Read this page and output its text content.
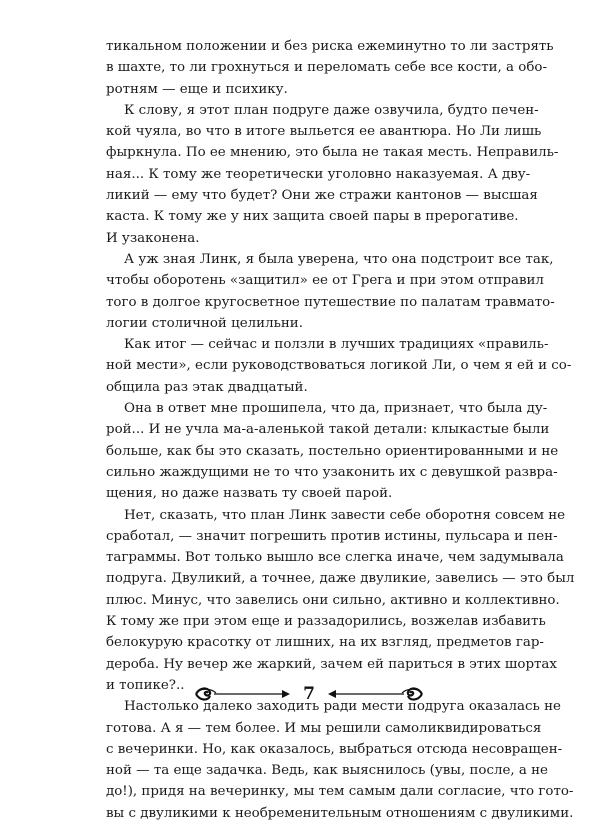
тикальном положении и без риска ежеминутно то ли застрять
в шахте, то ли грохнуться и переломать себе все кости, а обо-
ротням — еще и психику.
К слову, я этот план подруге даже озвучила, будто печен-
кой чуяла, во что в итоге выльется ее авантюра. Но Ли лишь
фыркнула. По ее мнению, это была не такая месть. Неправиль-
ная... К тому же теоретически уголовно наказуемая. А дву-
ликий — ему что будет? Они же стражи кантонов — высшая
каста. К тому же у них защита своей пары в прерогативе.
И узаконена.
А уж зная Линк, я была уверена, что она подстроит все так,
чтобы оборотень «защитил» ее от Грега и при этом отправил
того в долгое кругосветное путешествие по палатам травмато-
логии столичной целильни.
Как итог — сейчас и ползли в лучших традициях «правиль-
ной мести», если руководствоваться логикой Ли, о чем я ей и со-
общила раз этак двадцатый.
Она в ответ мне прошипела, что да, признает, что была ду-
рой... И не учла ма-а-аленькой такой детали: клыкастые были
больше, как бы это сказать, постельно ориентированными и не
сильно жаждущими не то что узаконить их с девушкой развра-
щения, но даже назвать ту своей парой.
Нет, сказать, что план Линк завести себе оборотня совсем не
сработал, — значит погрешить против истины, пульсара и пен-
таграммы. Вот только вышло все слегка иначе, чем задумывала
подруга. Двуликий, а точнее, даже двуликие, завелись — это был
плюс. Минус, что завелись они сильно, активно и коллективно.
К тому же при этом еще и раззадорились, возжелав избавить
белокурую красотку от лишних, на их взгляд, предметов гар-
дероба. Ну вечер же жаркий, зачем ей париться в этих шортах
и топике?..
Настолько далеко заходить ради мести подруга оказалась не
готова. А я — тем более. И мы решили самоликвидироваться
с вечеринки. Но, как оказалось, выбраться отсюда несовращен-
ной — та еще задачка. Ведь, как выяснилось (увы, после, а не
до!), придя на вечеринку, мы тем самым дали согласие, что гото-
вы с двуликими к необременительным отношениям с двуликими.
7
